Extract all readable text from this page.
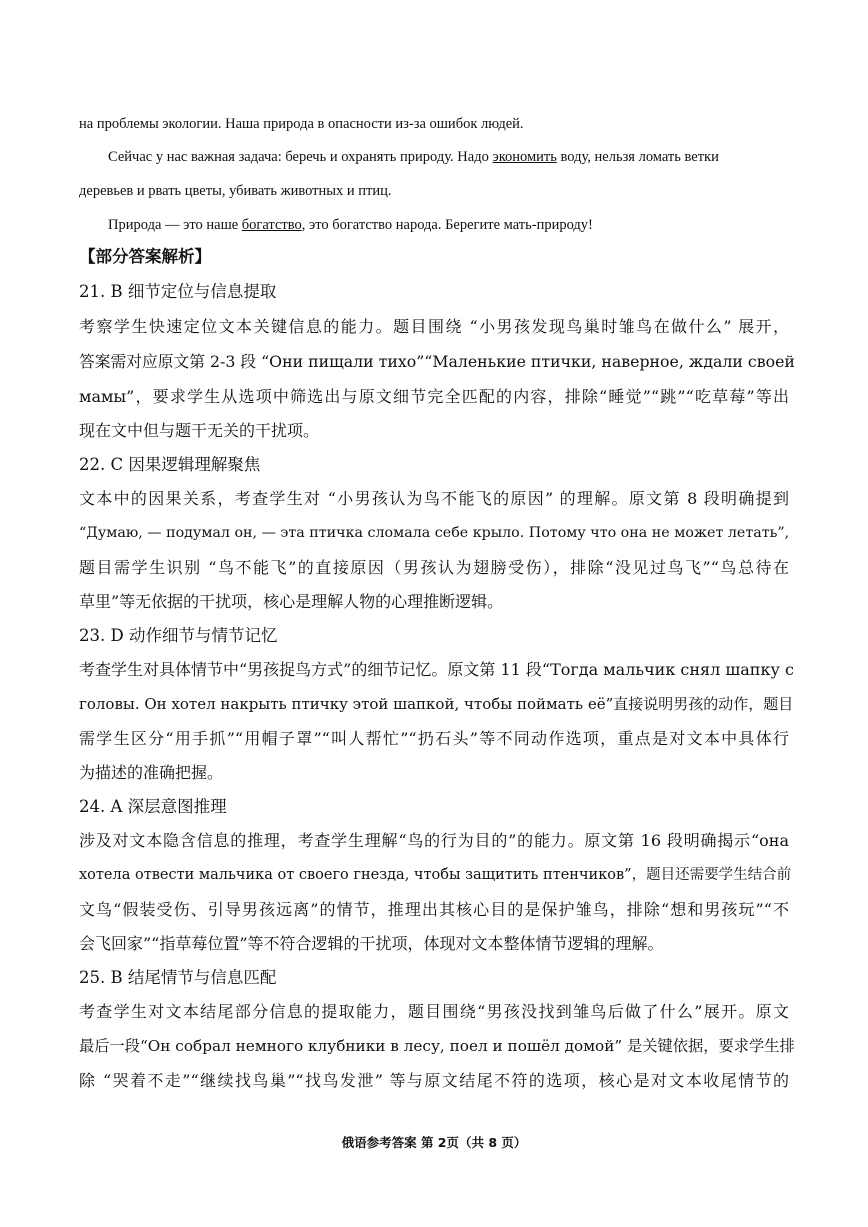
на проблемы экологии. Наша природа в опасности из-за ошибок людей.
Сейчас у нас важная задача: беречь и охранять природу. Надо экономить воду, нельзя ломать ветки
деревьев и рвать цветы, убивать животных и птиц.
Природа — это наше богатство, это богатство народа. Берегите мать-природу!
【部分答案解析】
21. B 细节定位与信息提取
考察学生快速定位文本关键信息的能力。题目围绕 “小男孩发现鸟巢时雏鸟在做什么” 展开，
答案需对应原文第 2-3 段 “Они пищали тихо”“Маленькие птички, наверное, ждали своей
мамы”，要求学生从选项中筛选出与原文细节完全匹配的内容，排除“睡觉”“跳”“吃草莓”等出
现在文中但与题干无关的干扰项。
22. C 因果逻辑理解聚焦
文本中的因果关系，考查学生对 “小男孩认为鸟不能飞的原因” 的理解。原文第 8 段明确提到
“Думаю, — подумал он, — эта птичка сломала себе крыло. Потому что она не может летать”,
题目需学生识别 “鸟不能飞”的直接原因（男孩认为翅膀受伤），排除“没见过鸟飞”“鸟总待在
草里”等无依据的干扰项，核心是理解人物的心理推断逻辑。
23. D 动作细节与情节记忆
考查学生对具体情节中“男孩捉鸟方式”的细节记忆。原文第 11 段“Тогда мальчик снял шапку с
головы. Он хотел накрыть птичку этой шапкой, чтобы поймать её”直接说明男孩的动作，题目
需学生区分“用手抓”“用帽子罩”“叫人帮忙”“扔石头”等不同动作选项，重点是对文本中具体行
为描述的准确把握。
24. A 深层意图推理
涉及对文本隐含信息的推理，考查学生理解“鸟的行为目的”的能力。原文第 16 段明确揭示“она
хотела отвести мальчика от своего гнезда, чтобы защитить птенчиков”，题目还需要学生结合前
文鸟“假装受伤、引导男孩远离”的情节，推理出其核心目的是保护雏鸟，排除“想和男孩玩”“不
会飞回家”“指草莓位置”等不符合逻辑的干扰项，体现对文本整体情节逻辑的理解。
25. B 结尾情节与信息匹配
考查学生对文本结尾部分信息的提取能力，题目围绕“男孩没找到雏鸟后做了什么”展开。原文
最后一段“Он собрал немного клубники в лесу, поел и пошёл домой” 是关键依据，要求学生排
除 “哭着不走”“继续找鸟巢”“找鸟发泄” 等与原文结尾不符的选项，核心是对文本收尾情节的
俄语参考答案 第 2页（共 8 页）
